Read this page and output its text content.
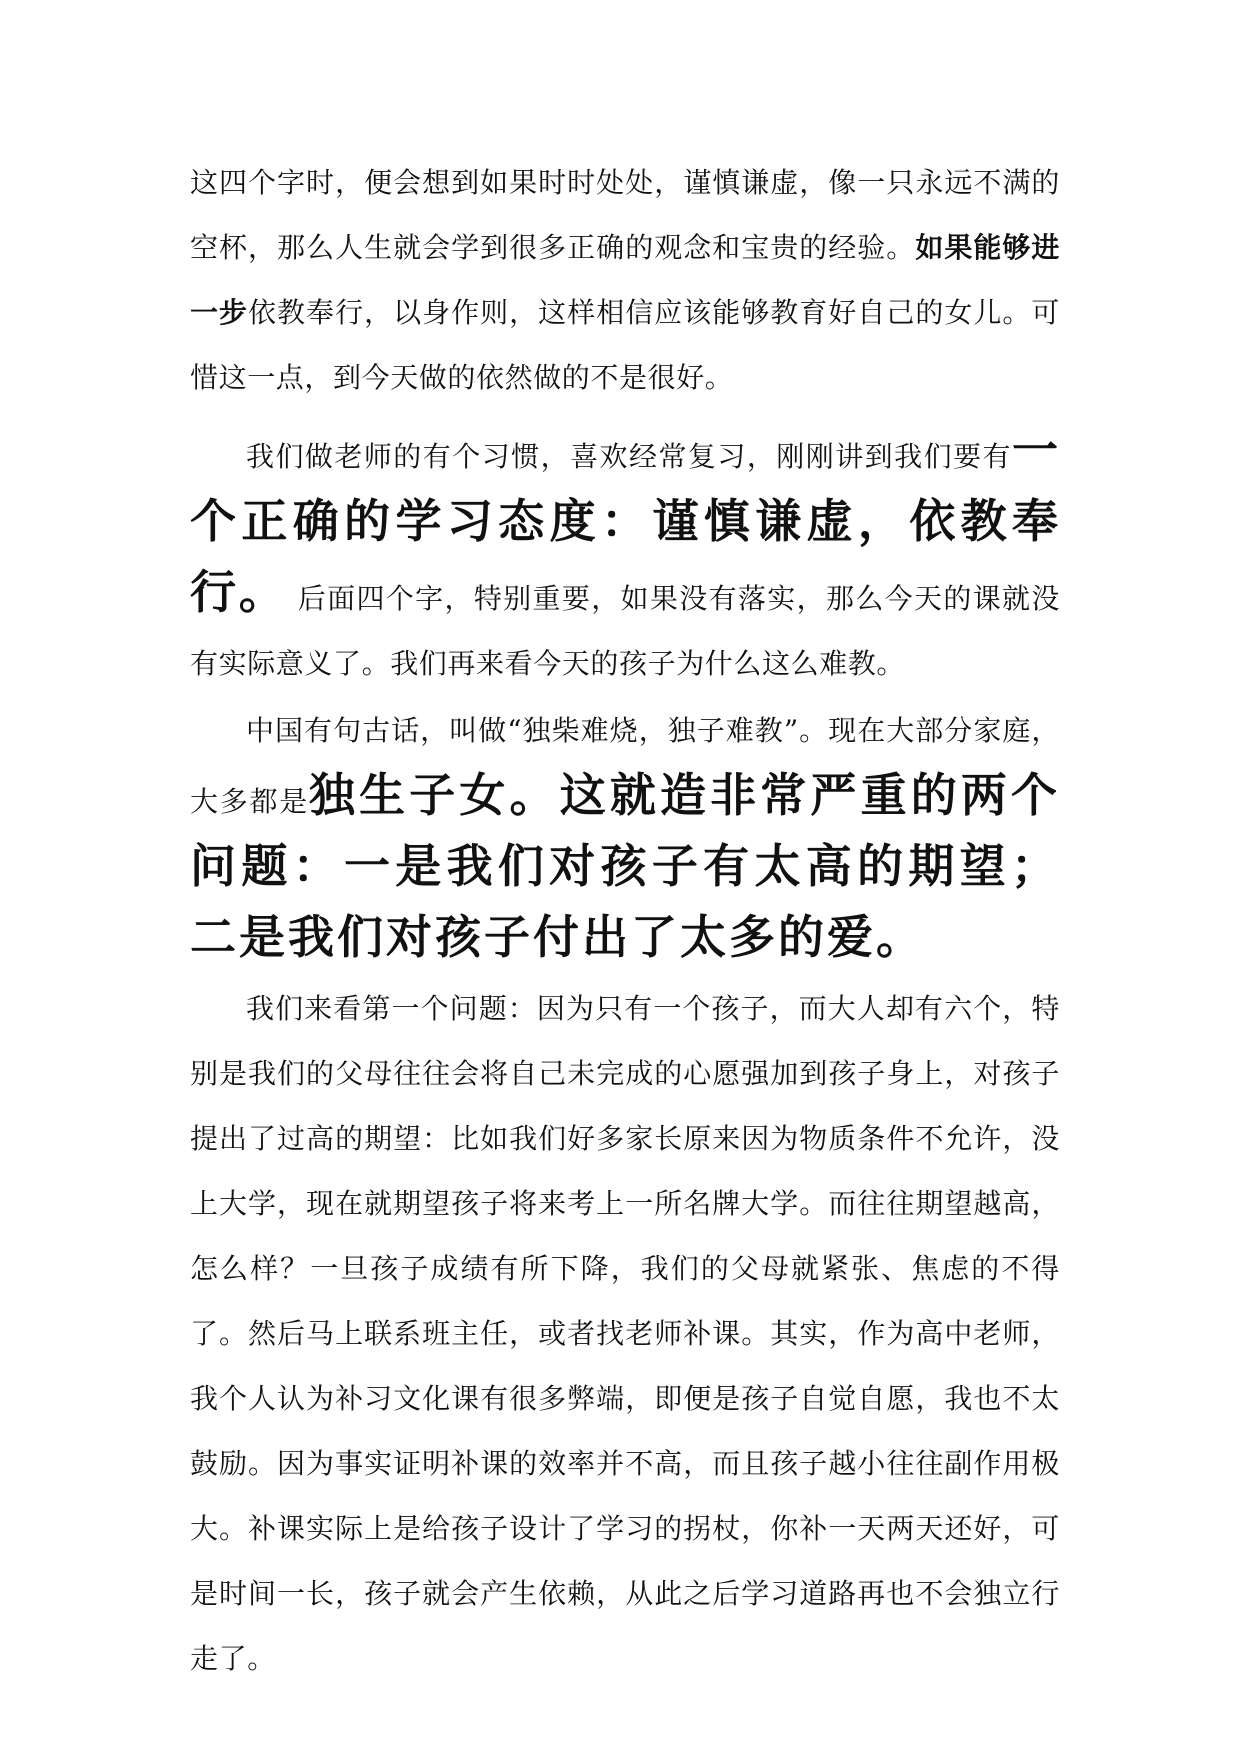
这四个字时，便会想到如果时时处处，谨慎谦虚，像一只永远不满的空杯，那么人生就会学到很多正确的观念和宝贵的经验。如果能够进一步依教奉行，以身作则，这样相信应该能够教育好自己的女儿。可惜这一点，到今天做的依然做的不是很好。

我们做老师的有个习惯，喜欢经常复习，刚刚讲到我们要有一个正确的学习态度：谨慎谦虚，依教奉行。 后面四个字，特别重要，如果没有落实，那么今天的课就没有实际意义了。我们再来看今天的孩子为什么这么难教。

中国有句古话，叫做“独柴难烧，独子难教”。现在大部分家庭，大多都是独生子女。这就造非常严重的两个问题：一是我们对孩子有太高的期望；二是我们对孩子付出了太多的爱。

我们来看第一个问题：因为只有一个孩子，而大人却有六个，特别是我们的父母往往会将自己未完成的心愿强加到孩子身上，对孩子提出了过高的期望：比如我们好多家长原来因为物质条件不允许，没上大学，现在就期望孩子将来考上一所名牌大学。而往往期望越高，怎么样？一旦孩子成绩有所下降，我们的父母就紧张、焦虑的不得了。然后马上联系班主任，或者找老师补课。其实，作为高中老师，我个人认为补习文化课有很多弊端，即便是孩子自觉自愿，我也不太鼓励。因为事实证明补课的效率并不高，而且孩子越小往往副作用极大。补课实际上是给孩子设计了学习的拐杖，你补一天两天还好，可是时间一长，孩子就会产生依赖，从此之后学习道路再也不会独立行走了。
